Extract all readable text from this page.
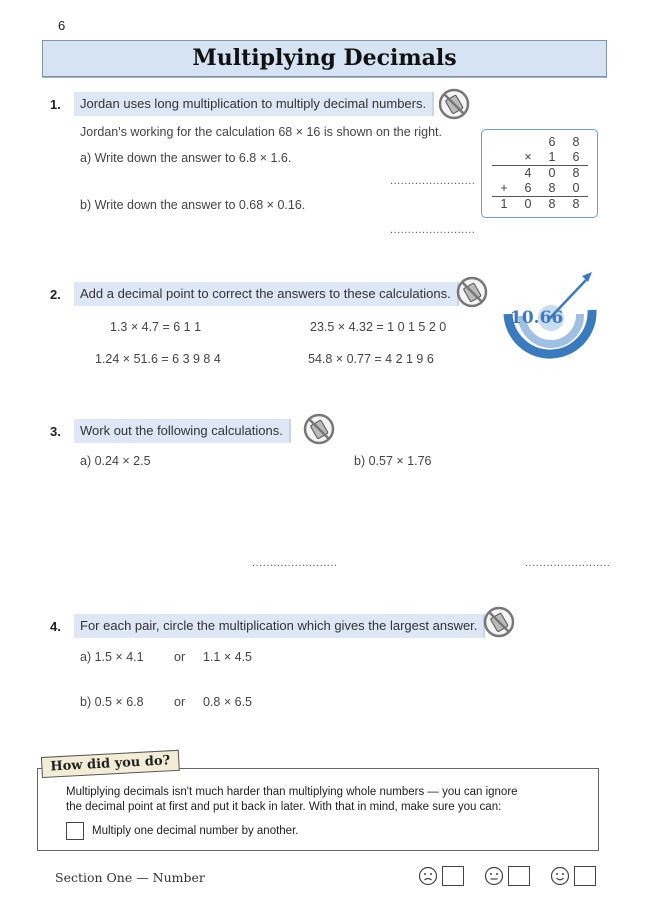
6
Multiplying Decimals
1.	Jordan uses long multiplication to multiply decimal numbers.
Jordan's working for the calculation 68 × 16 is shown on the right.
a) Write down the answer to 6.8 × 1.6.
........................
b) Write down the answer to 0.68 × 0.16.
........................
		6	8
	×	1	6
	4	0	8
+	6	8	0
1	0	8	8
2.	Add a decimal point to correct the answers to these calculations.
1.3 × 4.7 = 6 1 1	23.5 × 4.32 = 1 0 1 5 2 0
1.24 × 51.6 = 6 3 9 8 4	54.8 × 0.77 = 4 2 1 9 6
10.66
3.	Work out the following calculations.
a) 0.24 × 2.5	b) 0.57 × 1.76
........................	........................
4.	For each pair, circle the multiplication which gives the largest answer.
a) 1.5 × 4.1 or 1.1 × 4.5
b) 0.5 × 6.8 or 0.8 × 6.5
Multiplying decimals isn't much harder than multiplying whole numbers — you can ignore
the decimal point at first and put it back in later. With that in mind, make sure you can:
Multiply one decimal number by another.
How did you do?
Section One — Number
